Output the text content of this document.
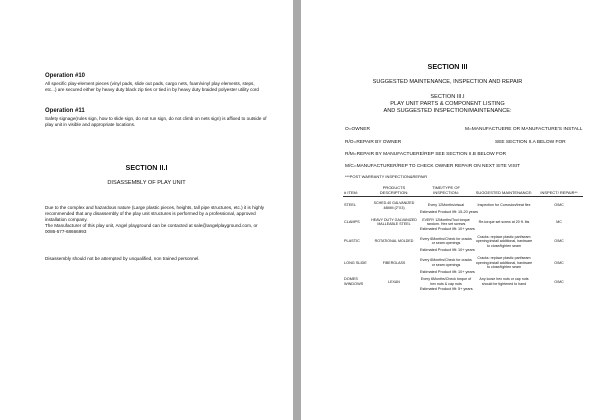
Operation #10
All specific play-element pieces (vinyl pads, slide out pads, cargo nets, foam/vinyl play elements, steps, etc...) are secured either by heavy duty black zip ties or tied in by heavy duty braided polyester utility cord
Operation #11
Safety signage(rules sign, how to slide sign, do not run sign, do not climb on nets sign) is affixed to outside of play unit in visible and appropriate locations.
SECTION II.I
DISASSEMBLY OF PLAY UNIT
Due to the complex and hazardous nature (Large plastic pieces, heights, tall pipe structures, etc.) it is highly recommended that any disassembly of the play unit structures is performed by a professional, approved installation company.
The Manufacturer of this play unit, Angel playground can be contacted at sale@angelplayground.com, or 0086-577-68666993
Disassembly should not be attempted by unqualified, non trained personnel.
SECTION III
SUGGESTED MAINTENANCE, INSPECTION AND REPAIR
SECTION III.I
PLAY UNIT PARTS & COMPONENT LISTING
AND SUGGESTED INSPECTION/MAINTENANCE:
O=OWNER	M=MANUFACTUERE OR MANUFACTURE'S INSTALL
R/O=REPAIR BY OWNER	SEE SECTION II.A BELOW FOR
R/M=REPAIR BY MANUFACTUERE/REP SEE SECTION II.B BELOW FOR
M/C=MANUFACTURER/REP TO CHECK OWNER REPAIR ON NEXT SITE VISIT
***POST WARRANTY INSPECTION&REPAIR
# ITEM:	PRODUCTS DESCRIPTION:	TIME/TYPE OF INSPECTION:	SUGGESTED MAINTENANCE:	INSPECT/ REPAIR**

STEEL	SCHED.40 GALVANIZED 48MM (2"X3)	Every 12Months/visual	Inspection for Corrosion/treat flex	O/MC
		Estimated Product lift: 15-20 years		
CLAMPS	HEAVY DUTY GALVANIZED MALLEABLE STEEL	EVERY 12Months/Tool torque random. Hex set screws	Re-torque set screw at 20 ft. lbs	MC
		Estimated Product lift: 10+ years		
PLASTIC	ROTATIONAL MOLDED	Every 6Months/Check for cracks or seam openings	Cracks: replace plastic part/seam opening:install additional, hardware to close/tighten seam	O/MC
		Estimated Product lift: 10+ years		
LONG SLIDE	FIBERGLASS	Every 6Months/Check for cracks or seam openings	Cracks: replace plastic part/seam opening:install additional, hardware to close/tighten seam	O/MC
		Estimated Product lift: 10+ years		
DOMES WINDOWS	LEXAN	Every 6Months/Check torque of hex nuts & cap nuts	Any loose hex nuts or cap nuts should be tightened to hand	O/MC
		Estimated Product lift: 5+ years		
